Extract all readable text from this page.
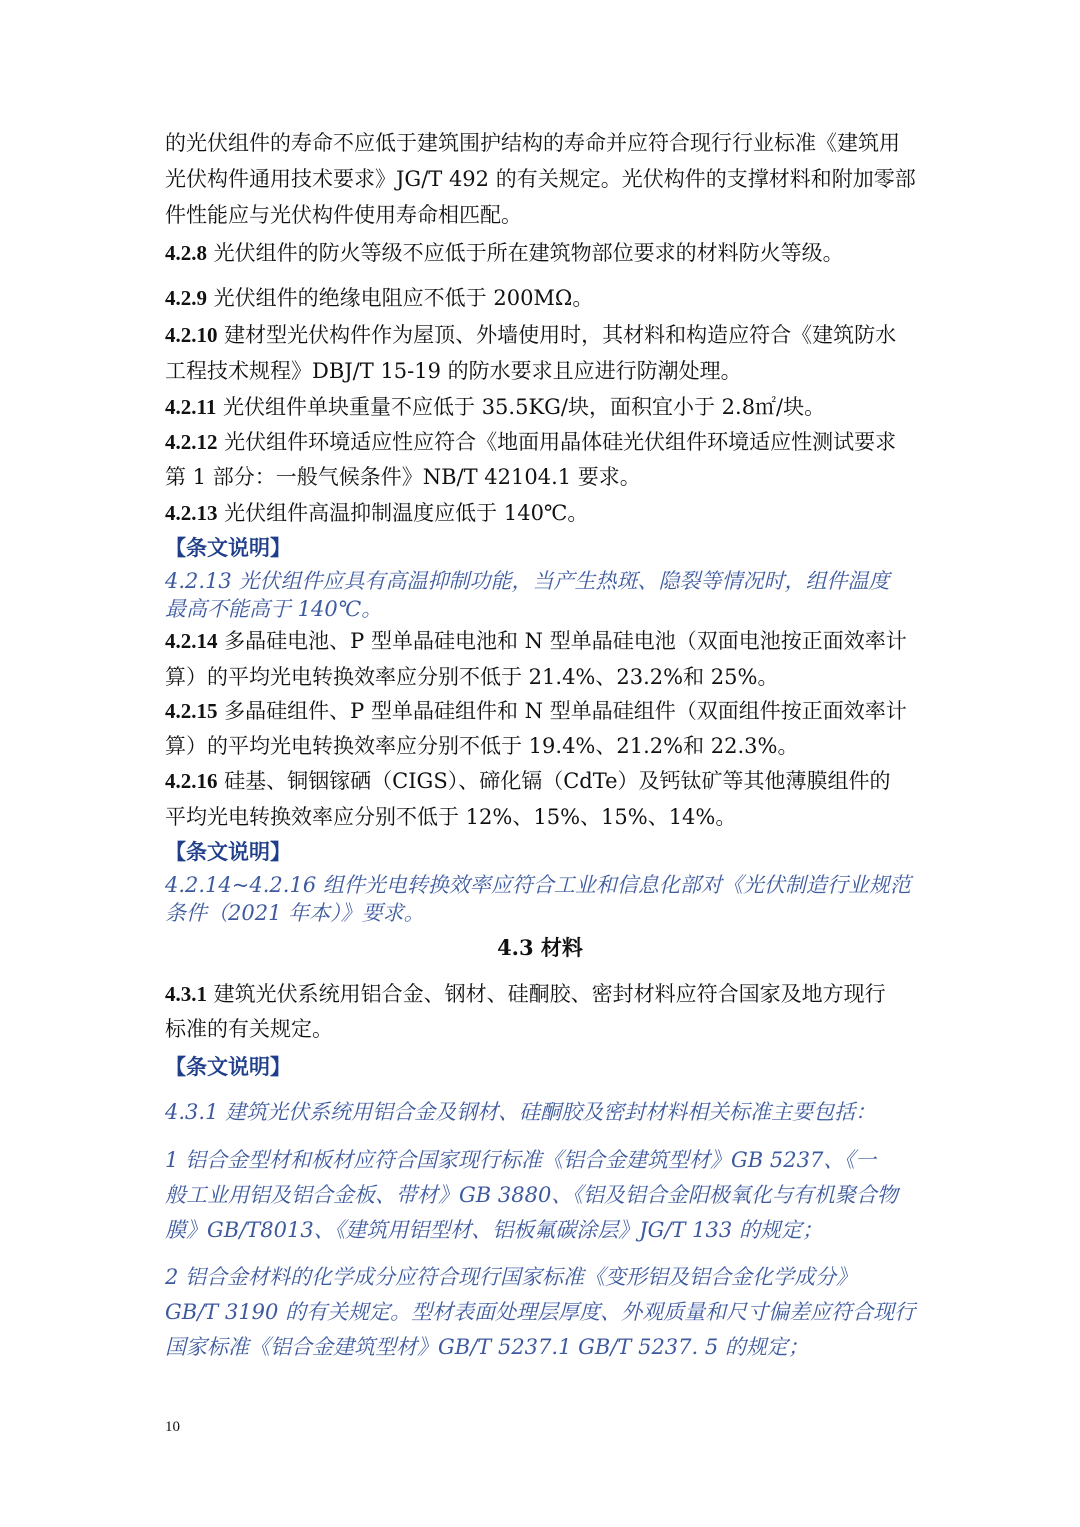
的光伏组件的寿命不应低于建筑围护结构的寿命并应符合现行行业标准《建筑用
光伏构件通用技术要求》JG/T 492 的有关规定。光伏构件的支撑材料和附加零部
件性能应与光伏构件使用寿命相匹配。
4.2.8 光伏组件的防火等级不应低于所在建筑物部位要求的材料防火等级。
4.2.9 光伏组件的绝缘电阻应不低于 200MΩ。
4.2.10 建材型光伏构件作为屋顶、外墙使用时，其材料和构造应符合《建筑防水
工程技术规程》DBJ/T 15-19 的防水要求且应进行防潮处理。
4.2.11 光伏组件单块重量不应低于 35.5KG/块，面积宜小于 2.8㎡/块。
4.2.12 光伏组件环境适应性应符合《地面用晶体硅光伏组件环境适应性测试要求
第 1 部分：一般气候条件》NB/T 42104.1 要求。
4.2.13 光伏组件高温抑制温度应低于 140℃。
【条文说明】
4.2.13 光伏组件应具有高温抑制功能，当产生热斑、隐裂等情况时，组件温度
最高不能高于 140℃。
4.2.14 多晶硅电池、P 型单晶硅电池和 N 型单晶硅电池（双面电池按正面效率计
算）的平均光电转换效率应分别不低于 21.4%、23.2%和 25%。
4.2.15 多晶硅组件、P 型单晶硅组件和 N 型单晶硅组件（双面组件按正面效率计
算）的平均光电转换效率应分别不低于 19.4%、21.2%和 22.3%。
4.2.16 硅基、铜铟镓硒（CIGS）、碲化镉（CdTe）及钙钛矿等其他薄膜组件的
平均光电转换效率应分别不低于 12%、15%、15%、14%。
【条文说明】
4.2.14~4.2.16 组件光电转换效率应符合工业和信息化部对《光伏制造行业规范
条件（2021 年本）》要求。
4.3 材料
4.3.1 建筑光伏系统用铝合金、钢材、硅酮胶、密封材料应符合国家及地方现行
标准的有关规定。
【条文说明】
4.3.1 建筑光伏系统用铝合金及钢材、硅酮胶及密封材料相关标准主要包括：
1 铝合金型材和板材应符合国家现行标准《铝合金建筑型材》GB 5237、《一
般工业用铝及铝合金板、带材》GB 3880、《铝及铝合金阳极氧化与有机聚合物
膜》GB/T8013、《建筑用铝型材、铝板氟碳涂层》JG/T 133 的规定；
2 铝合金材料的化学成分应符合现行国家标准《变形铝及铝合金化学成分》
GB/T 3190 的有关规定。型材表面处理层厚度、外观质量和尺寸偏差应符合现行
国家标准《铝合金建筑型材》GB/T 5237.1 GB/T 5237. 5 的规定；
10
